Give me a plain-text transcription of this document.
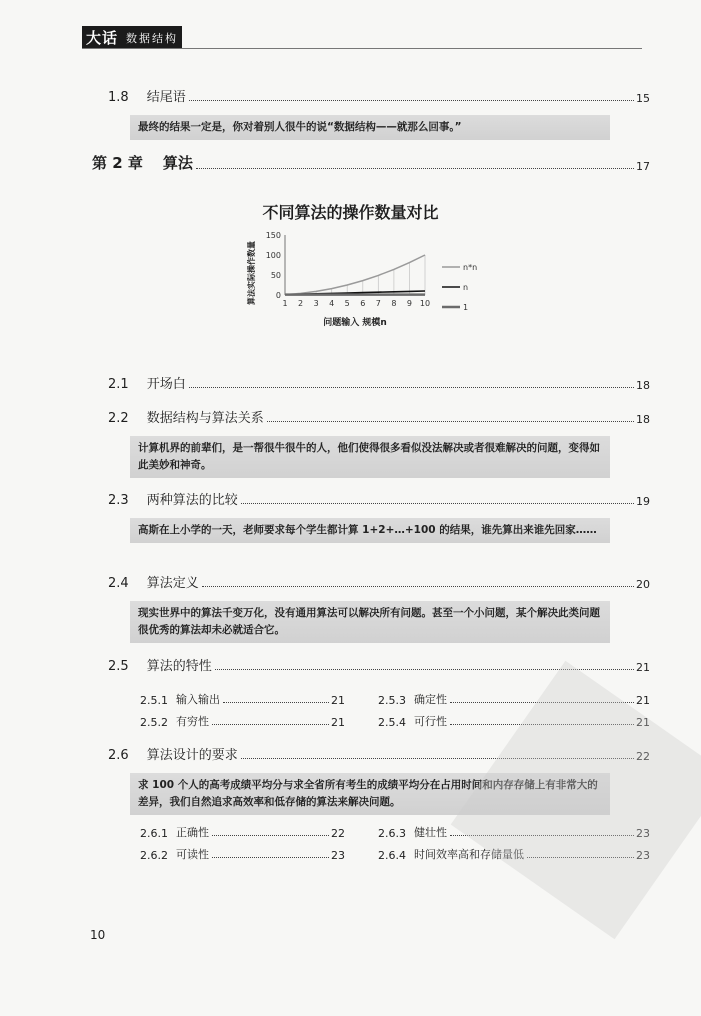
大话 数据结构
1.8 结尾语	15
最终的结果一定是，你对着别人很牛的说“数据结构——就那么回事。”
第 2 章 算法	17
不同算法的操作数量对比
0
50
100
150
1 2 3 4 5 6 7 8 9 10
n*n
n
1
问题输入 规模n
算法实际操作数量
2.1 开场白	18
2.2 数据结构与算法关系	18
计算机界的前辈们，是一帮很牛很牛的人，他们使得很多看似没法解决或者很难解决的问题，变得如此美妙和神奇。
2.3 两种算法的比较	19
高斯在上小学的一天，老师要求每个学生都计算 1+2+…+100 的结果，谁先算出来谁先回家……
2.4 算法定义	20
现实世界中的算法千变万化，没有通用算法可以解决所有问题。甚至一个小问题，某个解决此类问题很优秀的算法却未必就适合它。
2.5 算法的特性	21
2.5.1 输入输出	21	2.5.3 确定性	21
2.5.2 有穷性	21	2.5.4 可行性	21
2.6 算法设计的要求	22
求 100 个人的高考成绩平均分与求全省所有考生的成绩平均分在占用时间和内存存储上有非常大的差异，我们自然追求高效率和低存储的算法来解决问题。
2.6.1 正确性	22	2.6.3 健壮性	23
2.6.2 可读性	23	2.6.4 时间效率高和存储量低	23
10
